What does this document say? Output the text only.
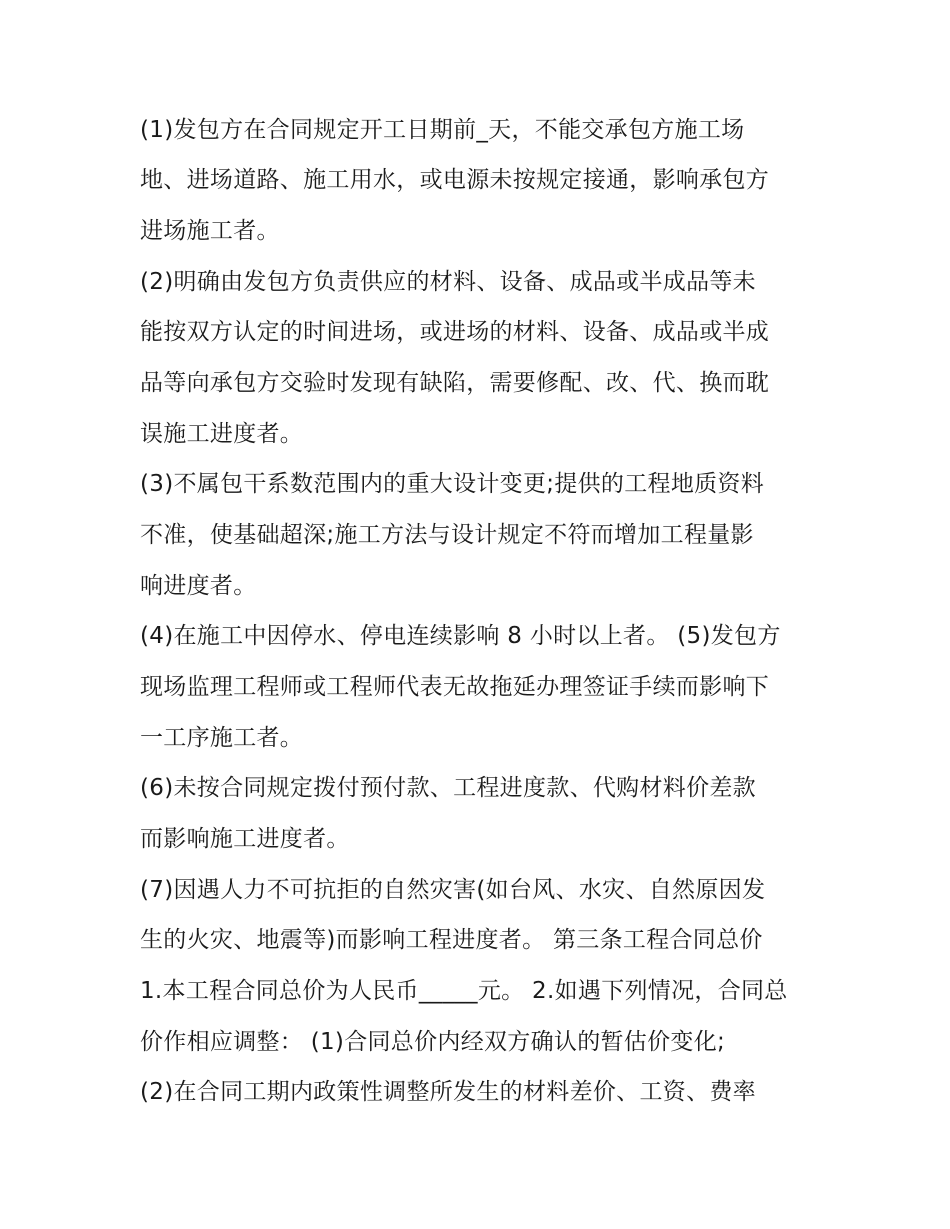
(1)发包方在合同规定开工日期前_天，不能交承包方施工场
地、进场道路、施工用水，或电源未按规定接通，影响承包方
进场施工者。
(2)明确由发包方负责供应的材料、设备、成品或半成品等未
能按双方认定的时间进场，或进场的材料、设备、成品或半成
品等向承包方交验时发现有缺陷，需要修配、改、代、换而耽
误施工进度者。
(3)不属包干系数范围内的重大设计变更;提供的工程地质资料
不准，使基础超深;施工方法与设计规定不符而增加工程量影
响进度者。
(4)在施工中因停水、停电连续影响 8 小时以上者。 (5)发包方
现场监理工程师或工程师代表无故拖延办理签证手续而影响下
一工序施工者。
(6)未按合同规定拨付预付款、工程进度款、代购材料价差款
而影响施工进度者。
(7)因遇人力不可抗拒的自然灾害(如台风、水灾、自然原因发
生的火灾、地震等)而影响工程进度者。 第三条工程合同总价
1.本工程合同总价为人民币_____元。 2.如遇下列情况，合同总
价作相应调整： (1)合同总价内经双方确认的暂估价变化;
(2)在合同工期内政策性调整所发生的材料差价、工资、费率
